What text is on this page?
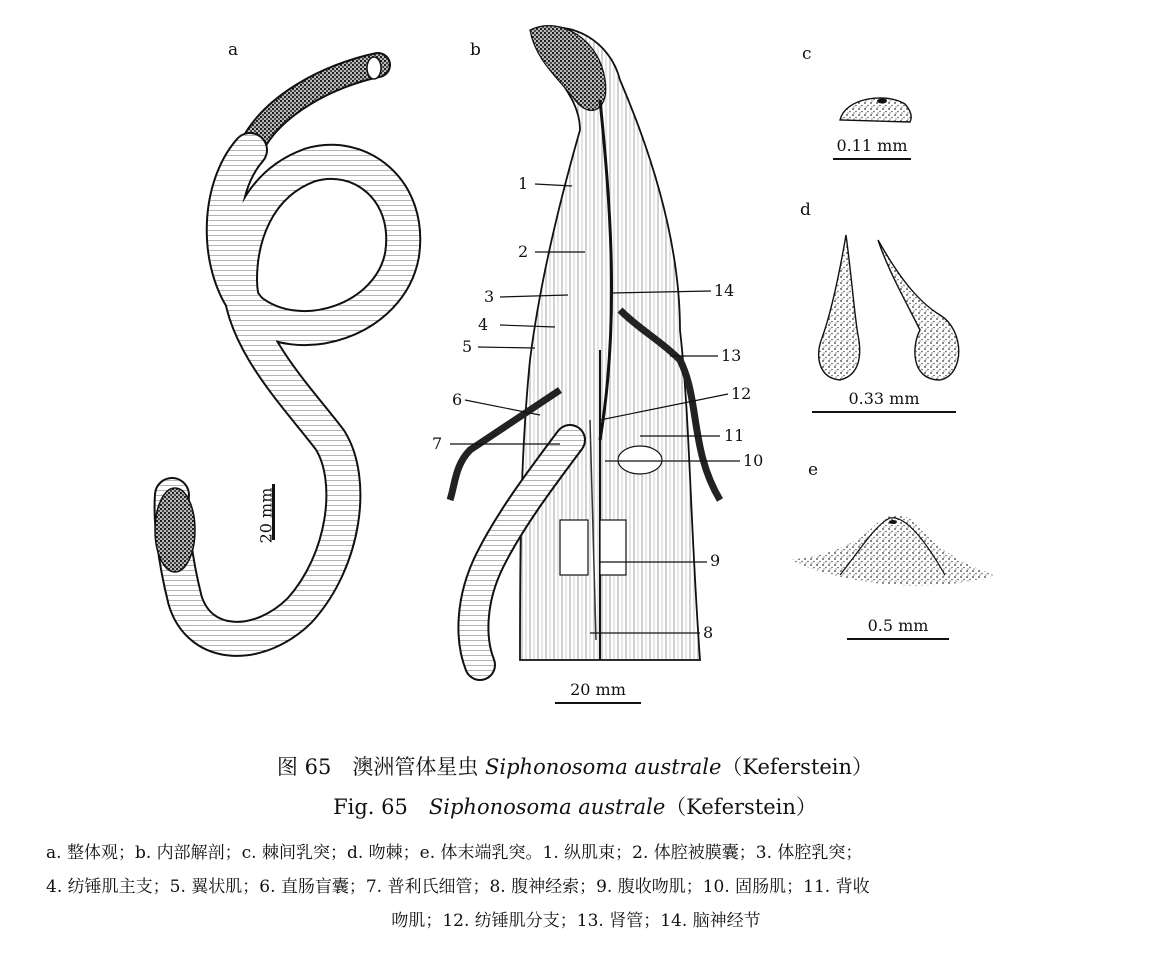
a	b	c
d
e
1
2
3
4
5
6
7
8
9
10
11
12
13
14
20 mm
20 mm
0.11 mm
0.33 mm
0.5 mm
图 65　澳洲管体星虫 Siphonosoma australe（Keferstein）
Fig. 65　Siphonosoma australe（Keferstein）
a. 整体观；b. 内部解剖；c. 棘间乳突；d. 吻棘；e. 体末端乳突。1. 纵肌束；2. 体腔被膜囊；3. 体腔乳突；
4. 纺锤肌主支；5. 翼状肌；6. 直肠盲囊；7. 普利氏细管；8. 腹神经索；9. 腹收吻肌；10. 固肠肌；11. 背收
吻肌；12. 纺锤肌分支；13. 肾管；14. 脑神经节
